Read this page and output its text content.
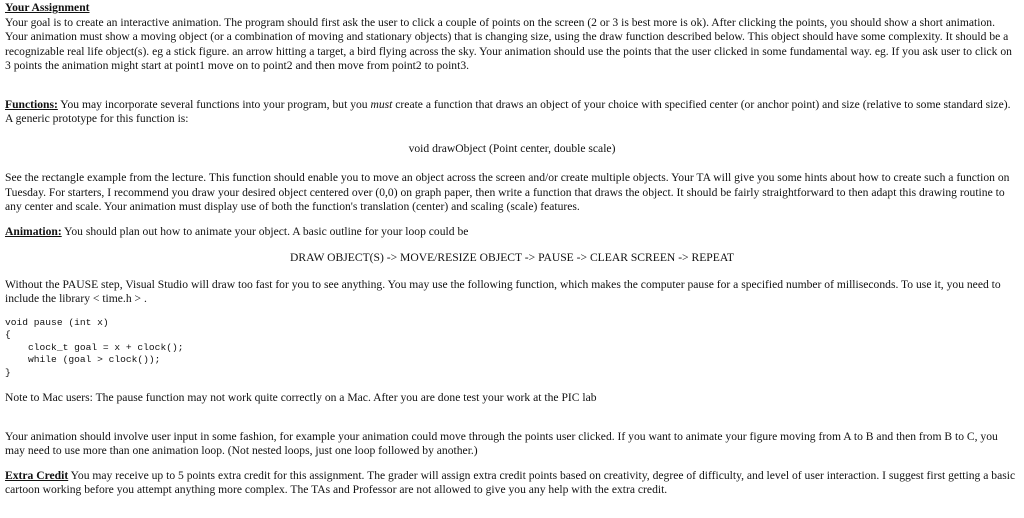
Your Assignment

Your goal is to create an interactive animation. The program should first ask the user to click a couple of points on the screen (2 or 3 is best more is ok). After clicking the points, you should show a short animation. Your animation must show a moving object (or a combination of moving and stationary objects) that is changing size, using the draw function described below. This object should have some complexity. It should be a recognizable real life object(s). eg a stick figure. an arrow hitting a target, a bird flying across the sky. Your animation should use the points that the user clicked in some fundamental way. eg. If you ask user to click on 3 points the animation might start at point1 move on to point2 and then move from point2 to point3.

Functions: You may incorporate several functions into your program, but you must create a function that draws an object of your choice with specified center (or anchor point) and size (relative to some standard size). A generic prototype for this function is:

void drawObject (Point center, double scale)

See the rectangle example from the lecture. This function should enable you to move an object across the screen and/or create multiple objects. Your TA will give you some hints about how to create such a function on Tuesday. For starters, I recommend you draw your desired object centered over (0,0) on graph paper, then write a function that draws the object. It should be fairly straightforward to then adapt this drawing routine to any center and scale. Your animation must display use of both the function's translation (center) and scaling (scale) features.

Animation: You should plan out how to animate your object. A basic outline for your loop could be

DRAW OBJECT(S) -> MOVE/RESIZE OBJECT -> PAUSE -> CLEAR SCREEN -> REPEAT

Without the PAUSE step, Visual Studio will draw too fast for you to see anything. You may use the following function, which makes the computer pause for a specified number of milliseconds. To use it, you need to include the library < time.h > .

void pause (int x)
{
clock_t goal = x + clock();
while (goal > clock());
}

Note to Mac users: The pause function may not work quite correctly on a Mac. After you are done test your work at the PIC lab

Your animation should involve user input in some fashion, for example your animation could move through the points user clicked. If you want to animate your figure moving from A to B and then from B to C, you may need to use more than one animation loop. (Not nested loops, just one loop followed by another.)

Extra Credit You may receive up to 5 points extra credit for this assignment. The grader will assign extra credit points based on creativity, degree of difficulty, and level of user interaction. I suggest first getting a basic cartoon working before you attempt anything more complex. The TAs and Professor are not allowed to give you any help with the extra credit.
